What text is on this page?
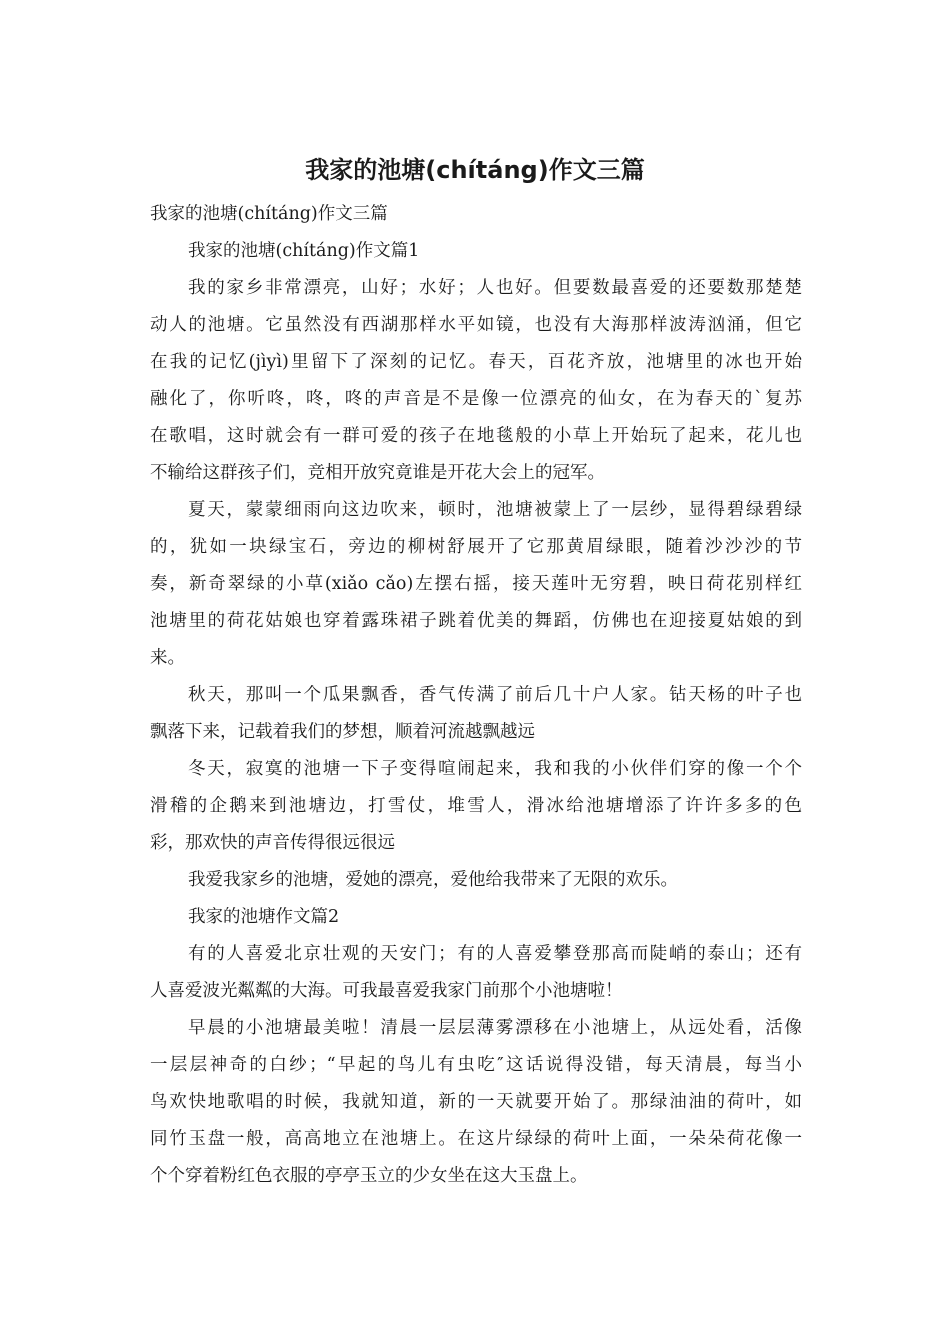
我家的池塘(chítáng)作文三篇
我家的池塘(chítáng)作文三篇
我家的池塘(chítáng)作文篇1
我的家乡非常漂亮，山好；水好；人也好。但要数最喜爱的还要数那楚楚
动人的池塘。它虽然没有西湖那样水平如镜，也没有大海那样波涛汹涌，但它
在我的记忆(jìyì)里留下了深刻的记忆。春天，百花齐放，池塘里的冰也开始
融化了，你听咚，咚，咚的声音是不是像一位漂亮的仙女，在为春天的`复苏
在歌唱，这时就会有一群可爱的孩子在地毯般的小草上开始玩了起来，花儿也
不输给这群孩子们，竞相开放究竟谁是开花大会上的冠军。
夏天，蒙蒙细雨向这边吹来，顿时，池塘被蒙上了一层纱，显得碧绿碧绿
的，犹如一块绿宝石，旁边的柳树舒展开了它那黄眉绿眼，随着沙沙沙的节
奏，新奇翠绿的小草(xiǎo cǎo)左摆右摇，接天莲叶无穷碧，映日荷花别样红
池塘里的荷花姑娘也穿着露珠裙子跳着优美的舞蹈，仿佛也在迎接夏姑娘的到
来。
秋天，那叫一个瓜果飘香，香气传满了前后几十户人家。钻天杨的叶子也
飘落下来，记载着我们的梦想，顺着河流越飘越远
冬天，寂寞的池塘一下子变得喧闹起来，我和我的小伙伴们穿的像一个个
滑稽的企鹅来到池塘边，打雪仗，堆雪人，滑冰给池塘增添了许许多多的色
彩，那欢快的声音传得很远很远
我爱我家乡的池塘，爱她的漂亮，爱他给我带来了无限的欢乐。
我家的池塘作文篇2
有的人喜爱北京壮观的天安门；有的人喜爱攀登那高而陡峭的泰山；还有
人喜爱波光粼粼的大海。可我最喜爱我家门前那个小池塘啦！
早晨的小池塘最美啦！清晨一层层薄雾漂移在小池塘上，从远处看，活像
一层层神奇的白纱；“早起的鸟儿有虫吃″这话说得没错，每天清晨，每当小
鸟欢快地歌唱的时候，我就知道，新的一天就要开始了。那绿油油的荷叶，如
同竹玉盘一般，高高地立在池塘上。在这片绿绿的荷叶上面，一朵朵荷花像一
个个穿着粉红色衣服的亭亭玉立的少女坐在这大玉盘上。
